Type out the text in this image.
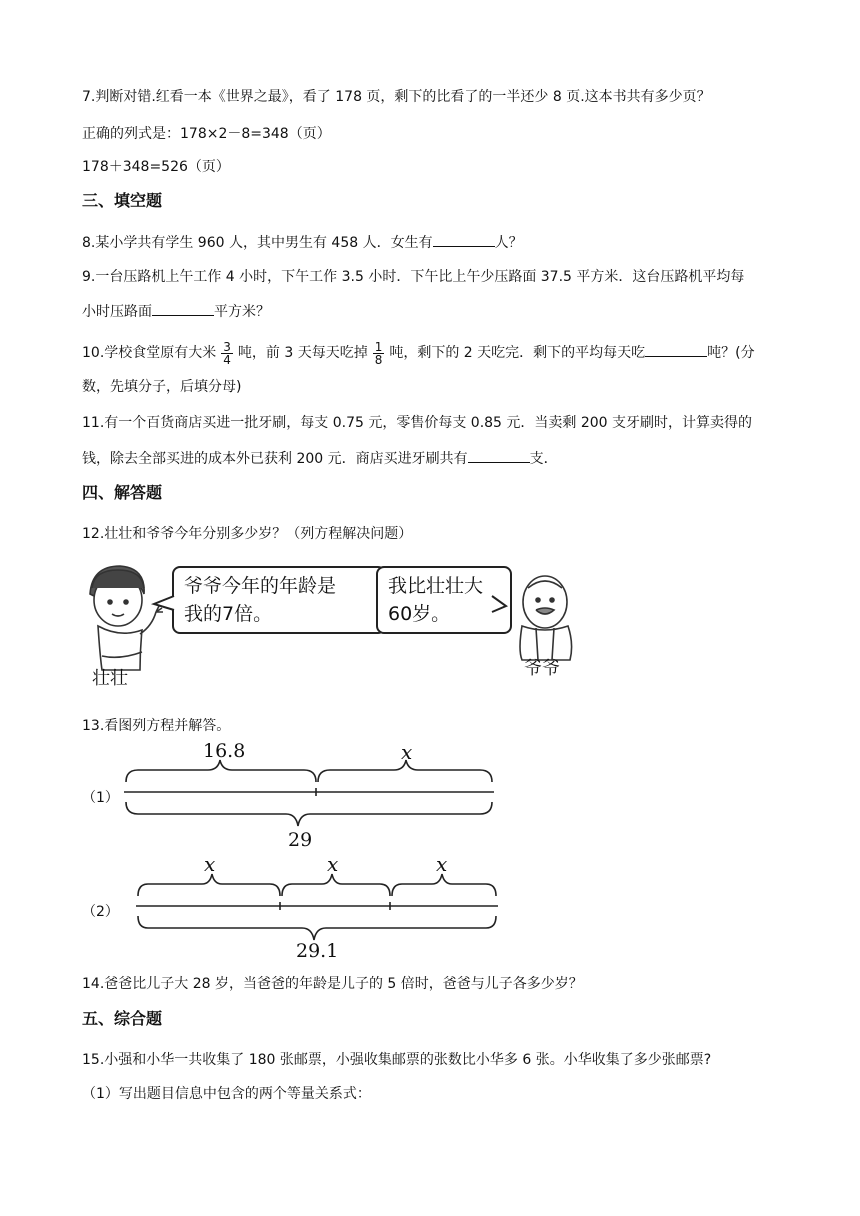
7.判断对错.红看一本《世界之最》，看了 178 页，剩下的比看了的一半还少 8 页.这本书共有多少页？
正确的列式是：178×2－8=348（页）
178＋348=526（页）
三、填空题
8.某小学共有学生 960 人，其中男生有 458 人．女生有	人？
9.一台压路机上午工作 4 小时，下午工作 3.5 小时．下午比上午少压路面 37.5 平方米．这台压路机平均每
小时压路面	平方米？
10.学校食堂原有大米 $\frac{3}{4}$ 吨，前 3 天每天吃掉 $\frac{1}{8}$ 吨，剩下的 2 天吃完．剩下的平均每天吃	吨？(分
数，先填分子，后填分母)
11.有一个百货商店买进一批牙刷，每支 0.75 元，零售价每支 0.85 元．当卖剩 200 支牙刷时，计算卖得的
钱，除去全部买进的成本外已获利 200 元．商店买进牙刷共有	支．
四、解答题
12.壮壮和爷爷今年分别多少岁？（列方程解决问题）
爷爷今年的年龄是
我的7倍。
我比壮壮大
60岁。
壮壮	爷爷
13.看图列方程并解答。
（1）
16.8	x
29
（2）
x	x	x
29.1
14.爸爸比儿子大 28 岁，当爸爸的年龄是儿子的 5 倍时，爸爸与儿子各多少岁？
五、综合题
15.小强和小华一共收集了 180 张邮票，小强收集邮票的张数比小华多 6 张。小华收集了多少张邮票?
（1）写出题目信息中包含的两个等量关系式：
